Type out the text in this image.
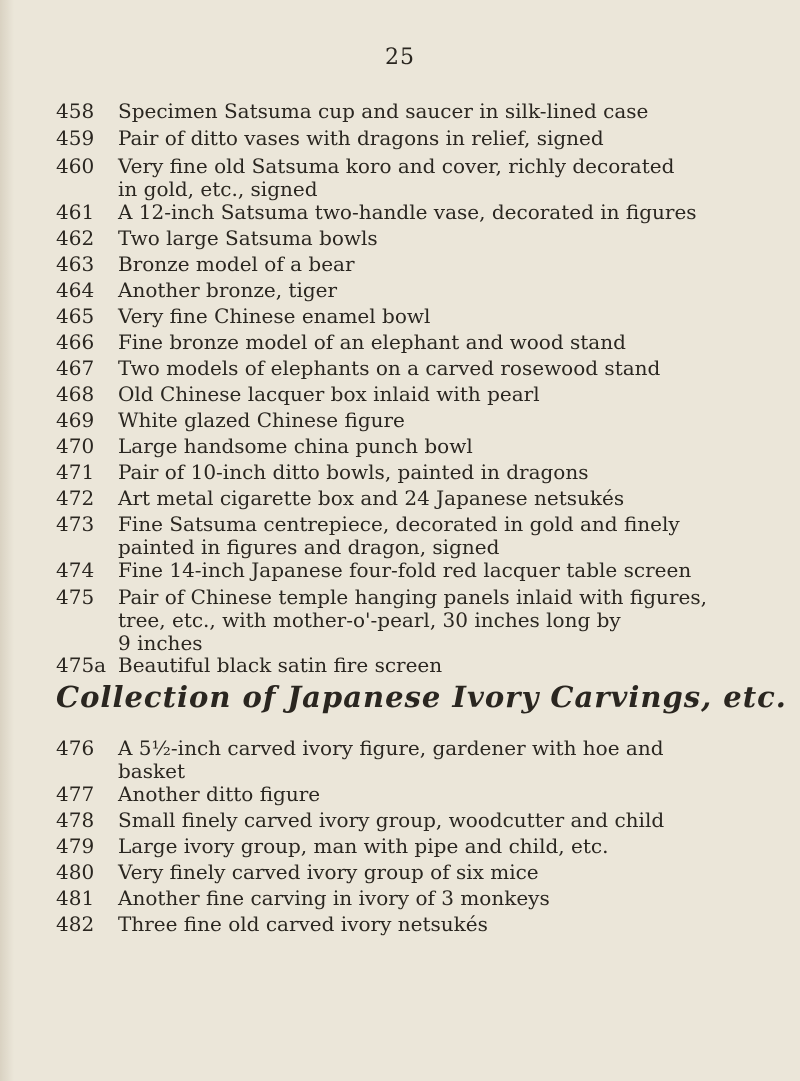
25
458	Specimen Satsuma cup and saucer in silk-lined case
459	Pair of ditto vases with dragons in relief, signed
460	Very fine old Satsuma koro and cover, richly decorated
in gold, etc., signed
461	A 12-inch Satsuma two-handle vase, decorated in figures
462	Two large Satsuma bowls
463	Bronze model of a bear
464	Another bronze, tiger
465	Very fine Chinese enamel bowl
466	Fine bronze model of an elephant and wood stand
467	Two models of elephants on a carved rosewood stand
468	Old Chinese lacquer box inlaid with pearl
469	White glazed Chinese figure
470	Large handsome china punch bowl
471	Pair of 10-inch ditto bowls, painted in dragons
472	Art metal cigarette box and 24 Japanese netsukés
473	Fine Satsuma centrepiece, decorated in gold and finely
painted in figures and dragon, signed
474	Fine 14-inch Japanese four-fold red lacquer table screen
475	Pair of Chinese temple hanging panels inlaid with figures,
tree, etc., with mother-o'-pearl, 30 inches long by
9 inches
475a Beautiful black satin fire screen
Collection of Japanese Ivory Carvings, etc.
476	A 5½-inch carved ivory figure, gardener with hoe and
basket
477	Another ditto figure
478	Small finely carved ivory group, woodcutter and child
479	Large ivory group, man with pipe and child, etc.
480	Very finely carved ivory group of six mice
481	Another fine carving in ivory of 3 monkeys
482	Three fine old carved ivory netsukés
